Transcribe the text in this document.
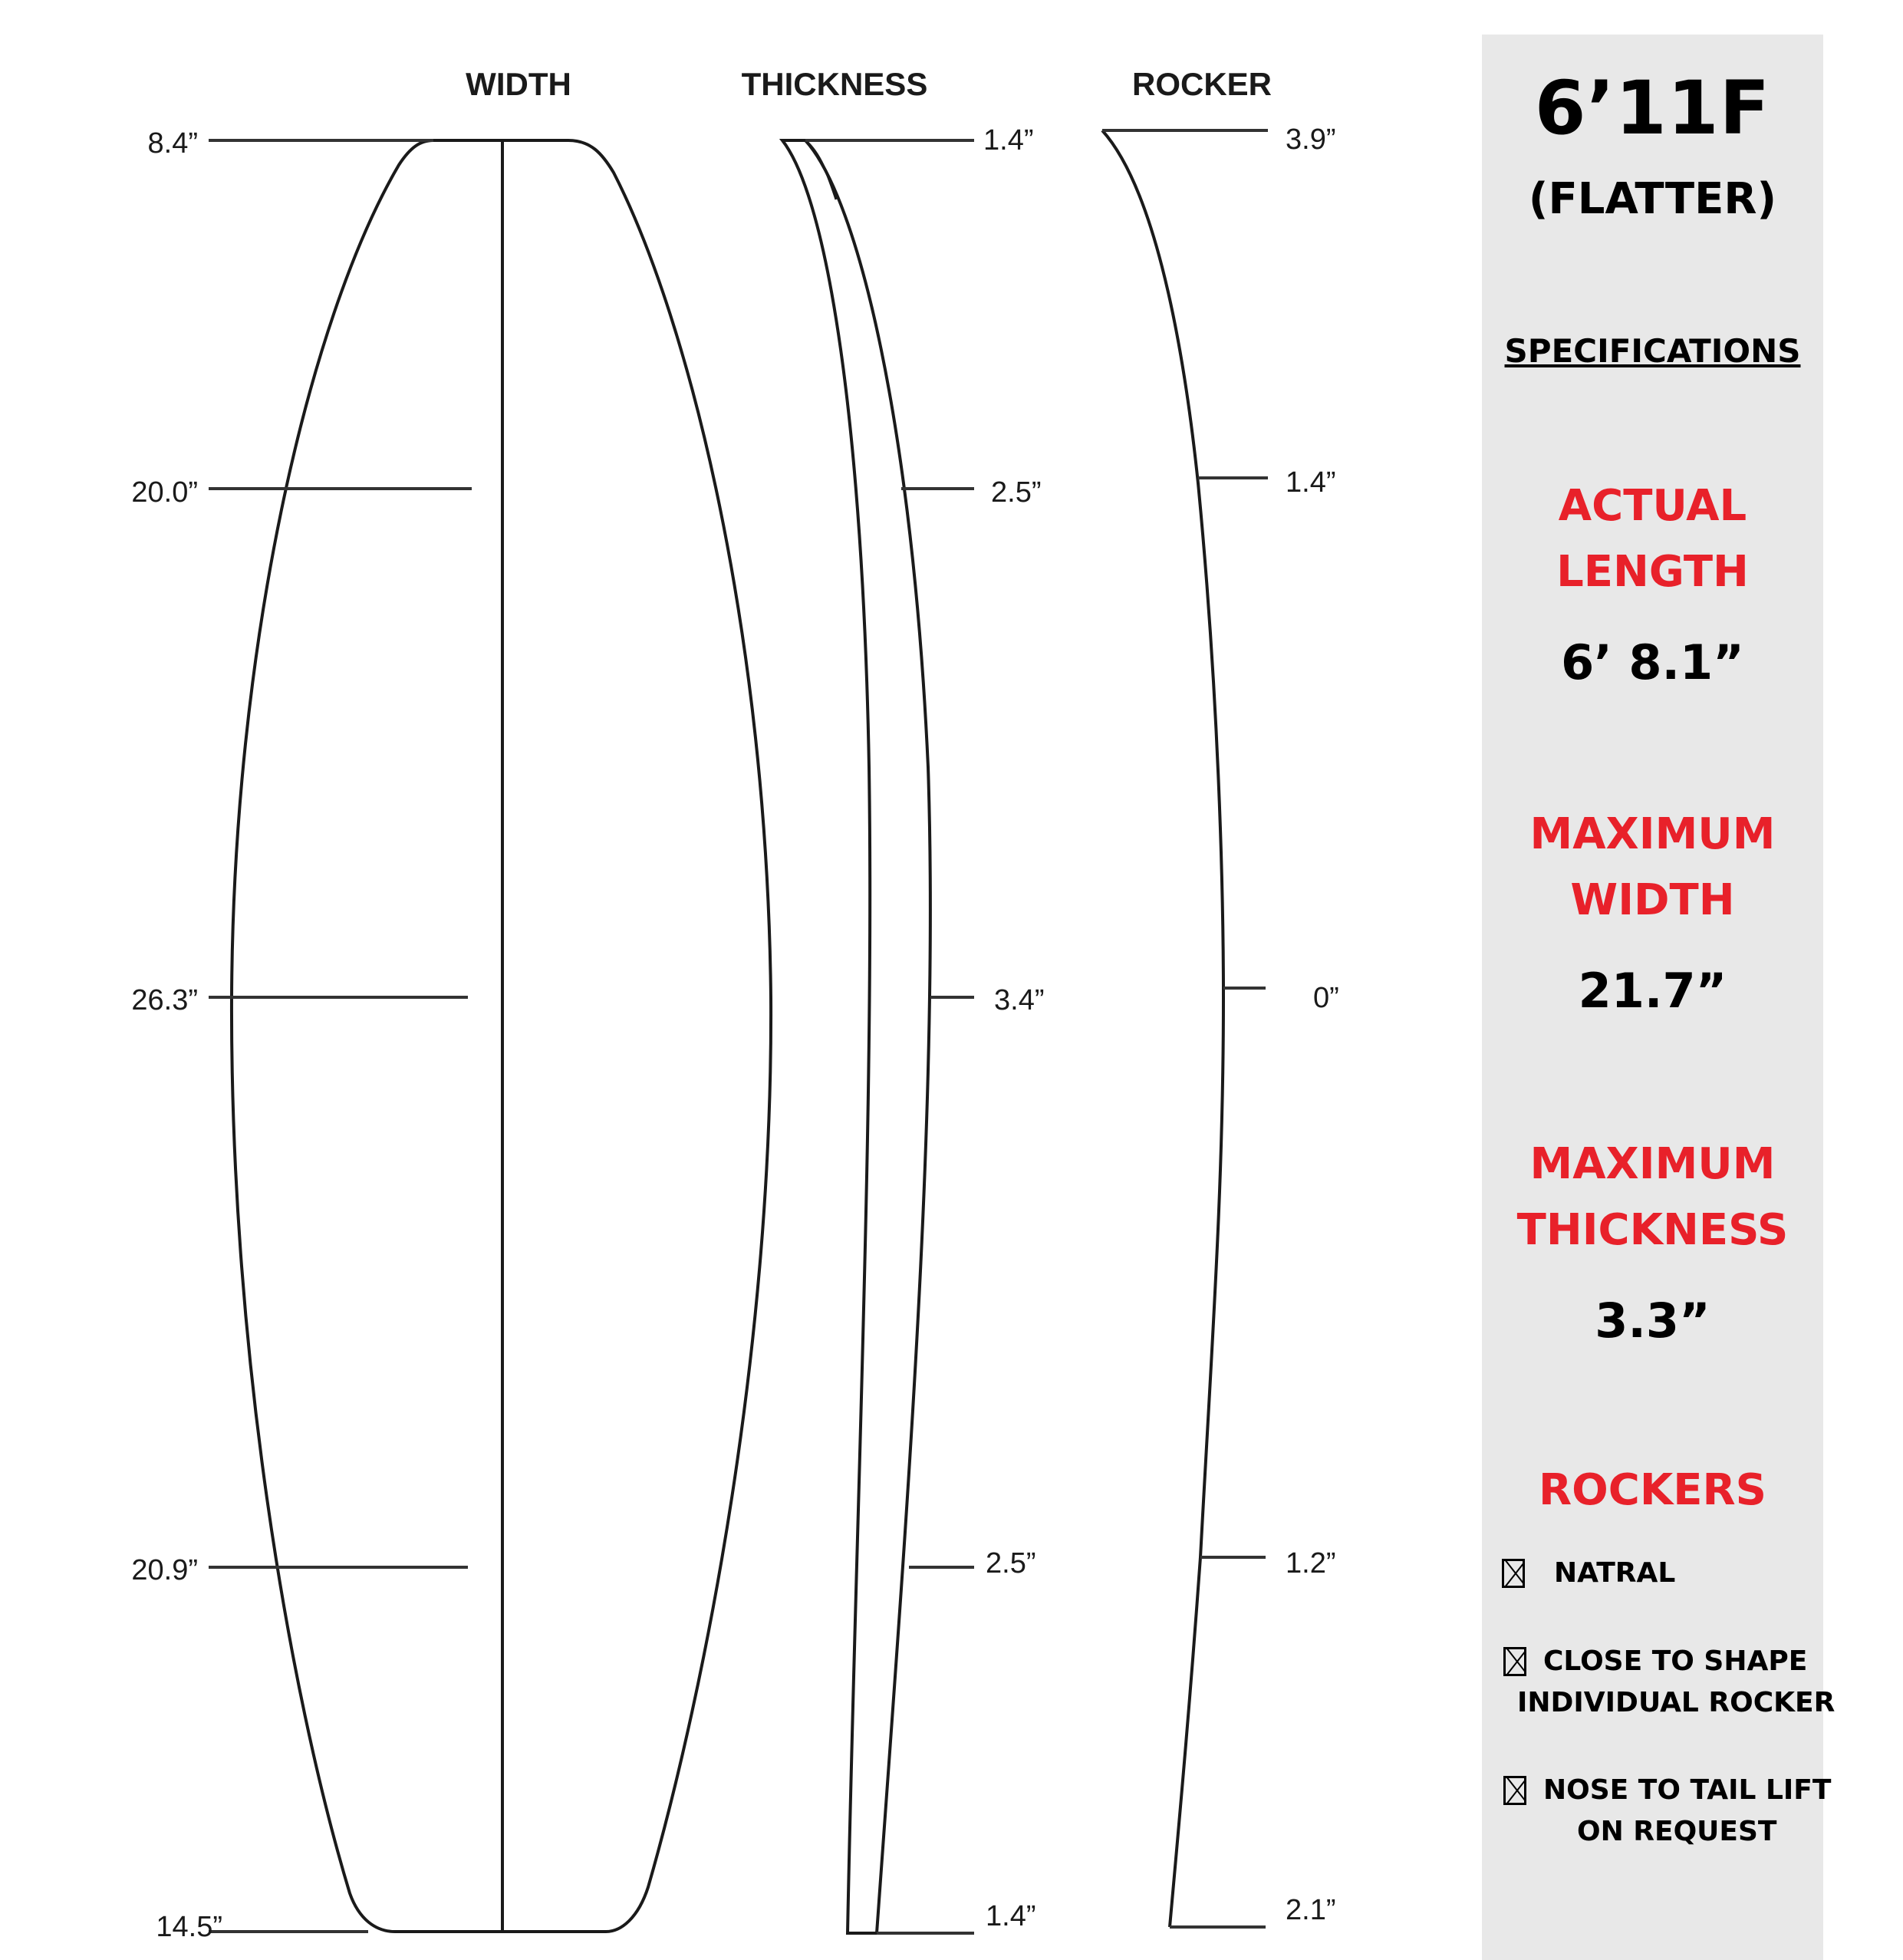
WIDTH	THICKNESS	ROCKER
8.4”
20.0”
26.3”
20.9”
14.5”
1.4”
2.5”
3.4”
2.5”
1.4”
3.9”
1.4”
0”
1.2”
2.1”
6’11F
(FLATTER)
SPECIFICATIONS
ACTUAL
LENGTH
6’ 8.1”
MAXIMUM
WIDTH
21.7”
MAXIMUM
THICKNESS
3.3”
ROCKERS
NATRAL
CLOSE TO SHAPE
INDIVIDUAL ROCKER
NOSE TO TAIL LIFT
ON REQUEST
